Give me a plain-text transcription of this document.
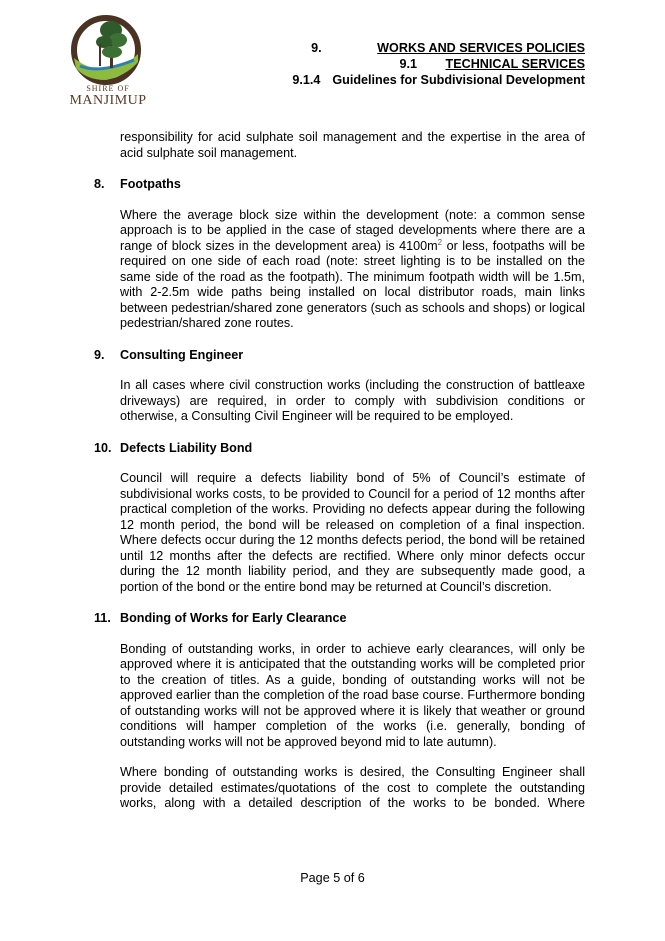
SHIRE OF
MANJIMUP
9.	WORKS AND SERVICES POLICIES
9.1	TECHNICAL SERVICES
9.1.4 Guidelines for Subdivisional Development

responsibility for acid sulphate soil management and the expertise in the area of acid sulphate soil management.

8.	Footpaths

Where the average block size within the development (note: a common sense approach is to be applied in the case of staged developments where there are a range of block sizes in the development area) is $4100m^2$ or less, footpaths will be required on one side of each road (note: street lighting is to be installed on the same side of the road as the footpath). The minimum footpath width will be 1.5m, with 2-2.5m wide paths being installed on local distributor roads, main links between pedestrian/shared zone generators (such as schools and shops) or logical pedestrian/shared zone routes.

9.	Consulting Engineer

In all cases where civil construction works (including the construction of battleaxe driveways) are required, in order to comply with subdivision conditions or otherwise, a Consulting Civil Engineer will be required to be employed.

10. Defects Liability Bond

Council will require a defects liability bond of 5% of Council’s estimate of subdivisional works costs, to be provided to Council for a period of 12 months after practical completion of the works. Providing no defects appear during the following 12 month period, the bond will be released on completion of a final inspection. Where defects occur during the 12 months defects period, the bond will be retained until 12 months after the defects are rectified. Where only minor defects occur during the 12 month liability period, and they are subsequently made good, a portion of the bond or the entire bond may be returned at Council’s discretion.

11. Bonding of Works for Early Clearance

Bonding of outstanding works, in order to achieve early clearances, will only be approved where it is anticipated that the outstanding works will be completed prior to the creation of titles. As a guide, bonding of outstanding works will not be approved earlier than the completion of the road base course. Furthermore bonding of outstanding works will not be approved where it is likely that weather or ground conditions will hamper completion of the works (i.e. generally, bonding of outstanding works will not be approved beyond mid to late autumn).

Where bonding of outstanding works is desired, the Consulting Engineer shall provide detailed estimates/quotations of the cost to complete the outstanding works, along with a detailed description of the works to be bonded. Where

Page 5 of 6
